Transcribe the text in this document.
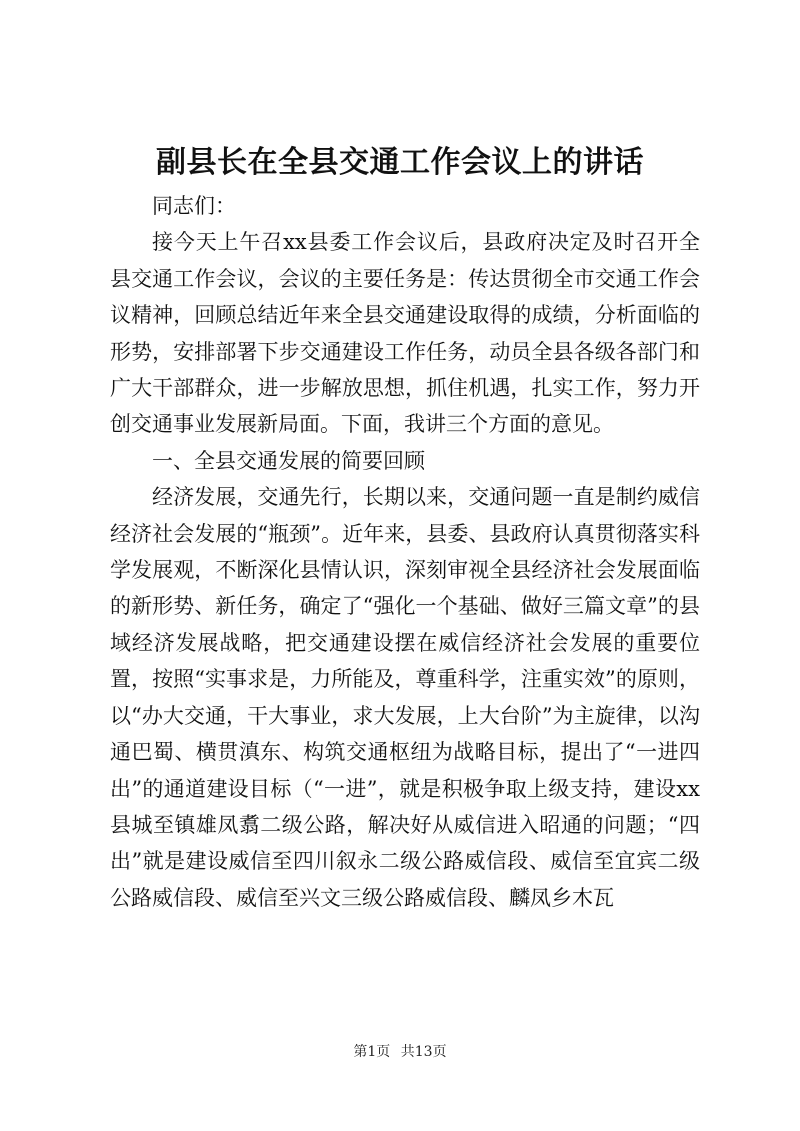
副县长在全县交通工作会议上的讲话

同志们：

接今天上午召xx县委工作会议后，县政府决定及时召开全县交通工作会议，会议的主要任务是：传达贯彻全市交通工作会议精神，回顾总结近年来全县交通建设取得的成绩，分析面临的形势，安排部署下步交通建设工作任务，动员全县各级各部门和广大干部群众，进一步解放思想，抓住机遇，扎实工作，努力开创交通事业发展新局面。下面，我讲三个方面的意见。

一、全县交通发展的简要回顾

经济发展，交通先行，长期以来，交通问题一直是制约威信经济社会发展的“瓶颈”。近年来，县委、县政府认真贯彻落实科学发展观，不断深化县情认识，深刻审视全县经济社会发展面临的新形势、新任务，确定了“强化一个基础、做好三篇文章”的县域经济发展战略，把交通建设摆在威信经济社会发展的重要位置，按照“实事求是，力所能及，尊重科学，注重实效”的原则，以“办大交通，干大事业，求大发展，上大台阶”为主旋律，以沟通巴蜀、横贯滇东、构筑交通枢纽为战略目标，提出了“一进四出”的通道建设目标（“一进”，就是积极争取上级支持，建设xx县城至镇雄凤翥二级公路，解决好从威信进入昭通的问题；“四出”就是建设威信至四川叙永二级公路威信段、威信至宜宾二级公路威信段、威信至兴文三级公路威信段、麟凤乡木瓦

第1页 共13页
